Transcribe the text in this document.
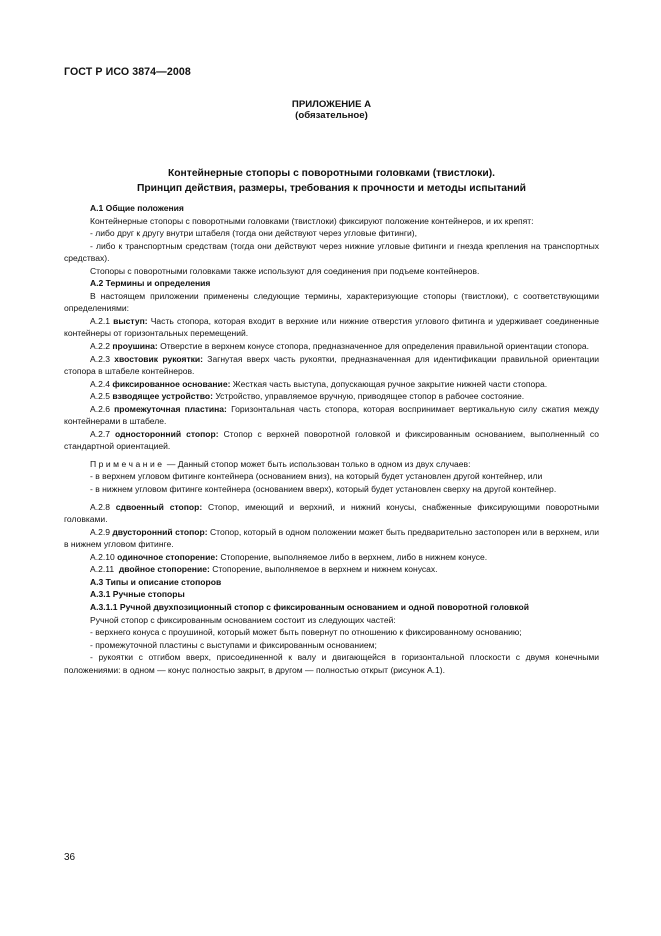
ГОСТ Р ИСО 3874—2008
ПРИЛОЖЕНИЕ А
(обязательное)
Контейнерные стопоры с поворотными головками (твистлоки).
Принцип действия, размеры, требования к прочности и методы испытаний

А.1 Общие положения

Контейнерные стопоры с поворотными головками (твистлоки) фиксируют положение контейнеров, и их крепят:

- либо друг к другу внутри штабеля (тогда они действуют через угловые фитинги),

- либо к транспортным средствам (тогда они действуют через нижние угловые фитинги и гнезда крепления на транспортных средствах).

Стопоры с поворотными головками также используют для соединения при подъеме контейнеров.

А.2 Термины и определения

В настоящем приложении применены следующие термины, характеризующие стопоры (твистлоки), с соответствующими определениями:

А.2.1 выступ: Часть стопора, которая входит в верхние или нижние отверстия углового фитинга и удерживает соединенные контейнеры от горизонтальных перемещений.

А.2.2 проушина: Отверстие в верхнем конусе стопора, предназначенное для определения правильной ориентации стопора.

А.2.3 хвостовик рукоятки: Загнутая вверх часть рукоятки, предназначенная для идентификации правильной ориентации стопора в штабеле контейнеров.

А.2.4 фиксированное основание: Жесткая часть выступа, допускающая ручное закрытие нижней части стопора.

А.2.5 взводящее устройство: Устройство, управляемое вручную, приводящее стопор в рабочее состояние.

А.2.6 промежуточная пластина: Горизонтальная часть стопора, которая воспринимает вертикальную силу сжатия между контейнерами в штабеле.

А.2.7 односторонний стопор: Стопор с верхней поворотной головкой и фиксированным основанием, выполненный со стандартной ориентацией.

Примечание — Данный стопор может быть использован только в одном из двух случаев:

- в верхнем угловом фитинге контейнера (основанием вниз), на который будет установлен другой контейнер, или

- в нижнем угловом фитинге контейнера (основанием вверх), который будет установлен сверху на другой контейнер.

А.2.8 сдвоенный стопор: Стопор, имеющий и верхний, и нижний конусы, снабженные фиксирующими поворотными головками.

А.2.9 двусторонний стопор: Стопор, который в одном положении может быть предварительно застопорен или в верхнем, или в нижнем угловом фитинге.

А.2.10 одиночное стопорение: Стопорение, выполняемое либо в верхнем, либо в нижнем конусе.

А.2.11 двойное стопорение: Стопорение, выполняемое в верхнем и нижнем конусах.

А.3 Типы и описание стопоров

А.3.1 Ручные стопоры

А.3.1.1 Ручной двухпозиционный стопор с фиксированным основанием и одной поворотной головкой

Ручной стопор с фиксированным основанием состоит из следующих частей:

- верхнего конуса с проушиной, который может быть повернут по отношению к фиксированному основанию;

- промежуточной пластины с выступами и фиксированным основанием;

- рукоятки с отгибом вверх, присоединенной к валу и двигающейся в горизонтальной плоскости с двумя конечными положениями: в одном — конус полностью закрыт, в другом — полностью открыт (рисунок А.1).

36
